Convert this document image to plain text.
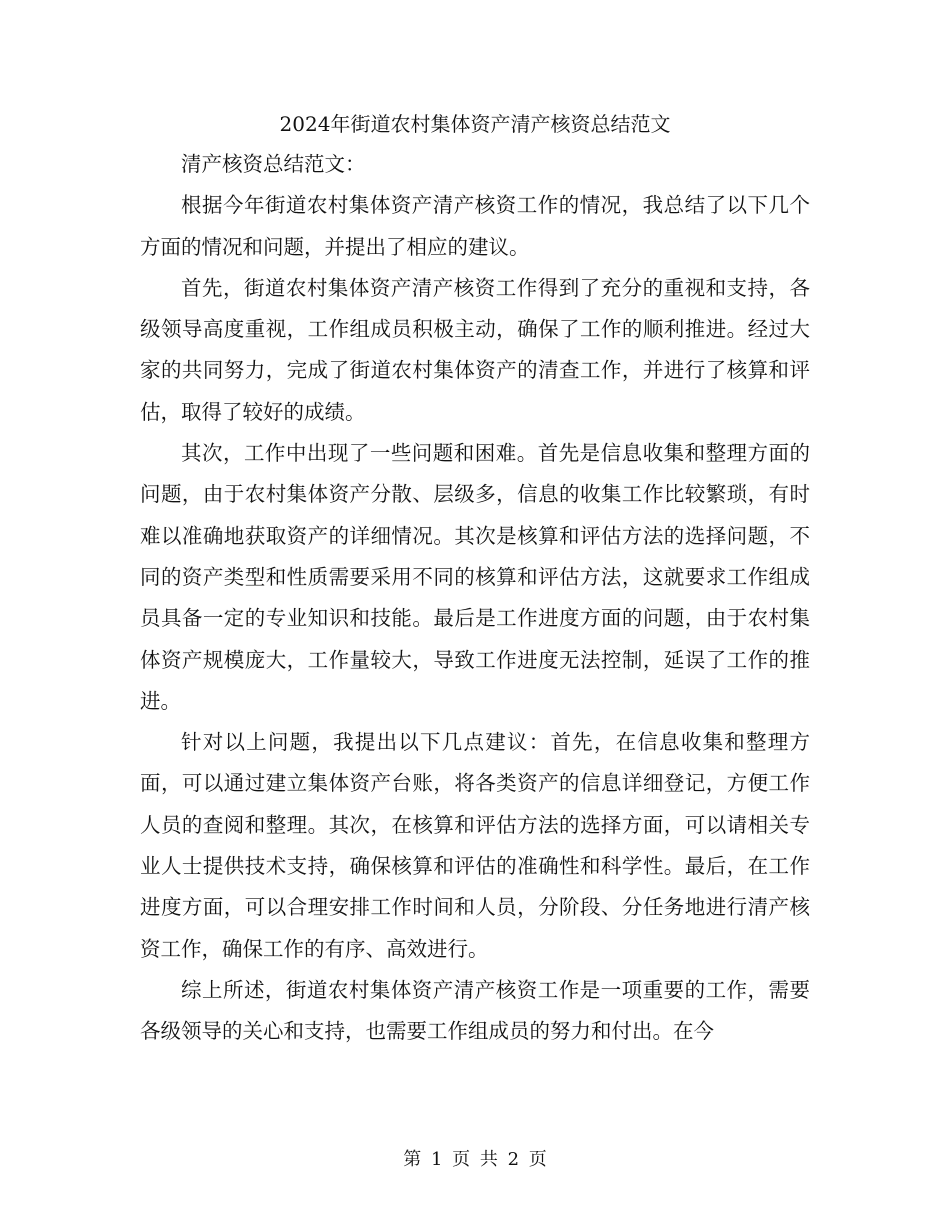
2024年街道农村集体资产清产核资总结范文

清产核资总结范文：

根据今年街道农村集体资产清产核资工作的情况，我总结了以下几个方面的情况和问题，并提出了相应的建议。

首先，街道农村集体资产清产核资工作得到了充分的重视和支持，各级领导高度重视，工作组成员积极主动，确保了工作的顺利推进。经过大家的共同努力，完成了街道农村集体资产的清查工作，并进行了核算和评估，取得了较好的成绩。

其次，工作中出现了一些问题和困难。首先是信息收集和整理方面的问题，由于农村集体资产分散、层级多，信息的收集工作比较繁琐，有时难以准确地获取资产的详细情况。其次是核算和评估方法的选择问题，不同的资产类型和性质需要采用不同的核算和评估方法，这就要求工作组成员具备一定的专业知识和技能。最后是工作进度方面的问题，由于农村集体资产规模庞大，工作量较大，导致工作进度无法控制，延误了工作的推进。

针对以上问题，我提出以下几点建议：首先，在信息收集和整理方面，可以通过建立集体资产台账，将各类资产的信息详细登记，方便工作人员的查阅和整理。其次，在核算和评估方法的选择方面，可以请相关专业人士提供技术支持，确保核算和评估的准确性和科学性。最后，在工作进度方面，可以合理安排工作时间和人员，分阶段、分任务地进行清产核资工作，确保工作的有序、高效进行。

综上所述，街道农村集体资产清产核资工作是一项重要的工作，需要各级领导的关心和支持，也需要工作组成员的努力和付出。在今

第 1 页 共 2 页
